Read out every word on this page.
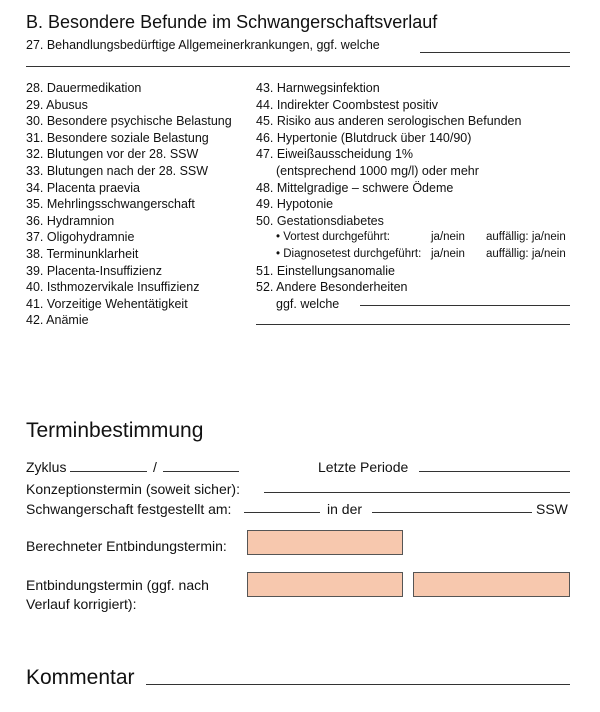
B. Besondere Befunde im Schwangerschaftsverlauf
27. Behandlungsbedürftige Allgemeinerkrankungen, ggf. welche
28. Dauermedikation
29. Abusus
30. Besondere psychische Belastung
31. Besondere soziale Belastung
32. Blutungen vor der 28. SSW
33. Blutungen nach der 28. SSW
34. Placenta praevia
35. Mehrlingsschwangerschaft
36. Hydramnion
37. Oligohydramnie
38. Terminunklarheit
39. Placenta-Insuffizienz
40. Isthmozervikale Insuffizienz
41. Vorzeitige Wehentätigkeit
42. Anämie
43. Harnwegsinfektion
44. Indirekter Coombstest positiv
45. Risiko aus anderen serologischen Befunden
46. Hypertonie (Blutdruck über 140/90)
47. Eiweißausscheidung 1%
(entsprechend 1000 mg/l) oder mehr
48. Mittelgradige – schwere Ödeme
49. Hypotonie
50. Gestationsdiabetes
• Vortest durchgeführt:	ja/nein auffällig: ja/nein
• Diagnosetest durchgeführt: ja/nein auffällig: ja/nein
51. Einstellungsanomalie
52. Andere Besonderheiten
ggf. welche
Terminbestimmung
Zyklus	/	Letzte Periode
Konzeptionstermin (soweit sicher):
Schwangerschaft festgestellt am:	in der	SSW
Berechneter Entbindungstermin:
Entbindungstermin (ggf. nach
Verlauf korrigiert):
Kommentar
